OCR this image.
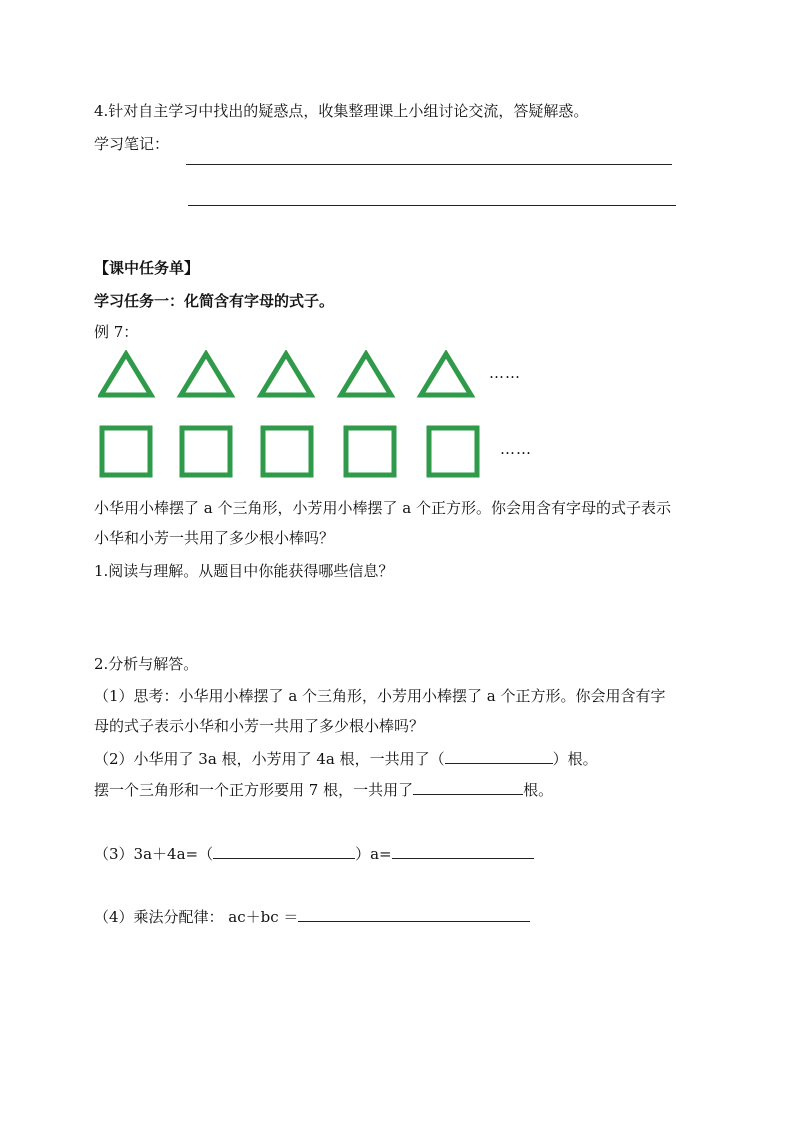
4.针对自主学习中找出的疑惑点，收集整理课上小组讨论交流，答疑解惑。
学习笔记：
【课中任务单】
学习任务一：化简含有字母的式子。
例 7：
……
……
小华用小棒摆了 a 个三角形，小芳用小棒摆了 a 个正方形。你会用含有字母的式子表示
小华和小芳一共用了多少根小棒吗？
1.阅读与理解。从题目中你能获得哪些信息？
2.分析与解答。
（1）思考：小华用小棒摆了 a 个三角形，小芳用小棒摆了 a 个正方形。你会用含有字
母的式子表示小华和小芳一共用了多少根小棒吗？
（2）小华用了 3a 根，小芳用了 4a 根，一共用了（	）根。
摆一个三角形和一个正方形要用 7 根，一共用了	根。
（3）3a＋4a=（	）a=
（4）乘法分配律： ac＋bc ＝
